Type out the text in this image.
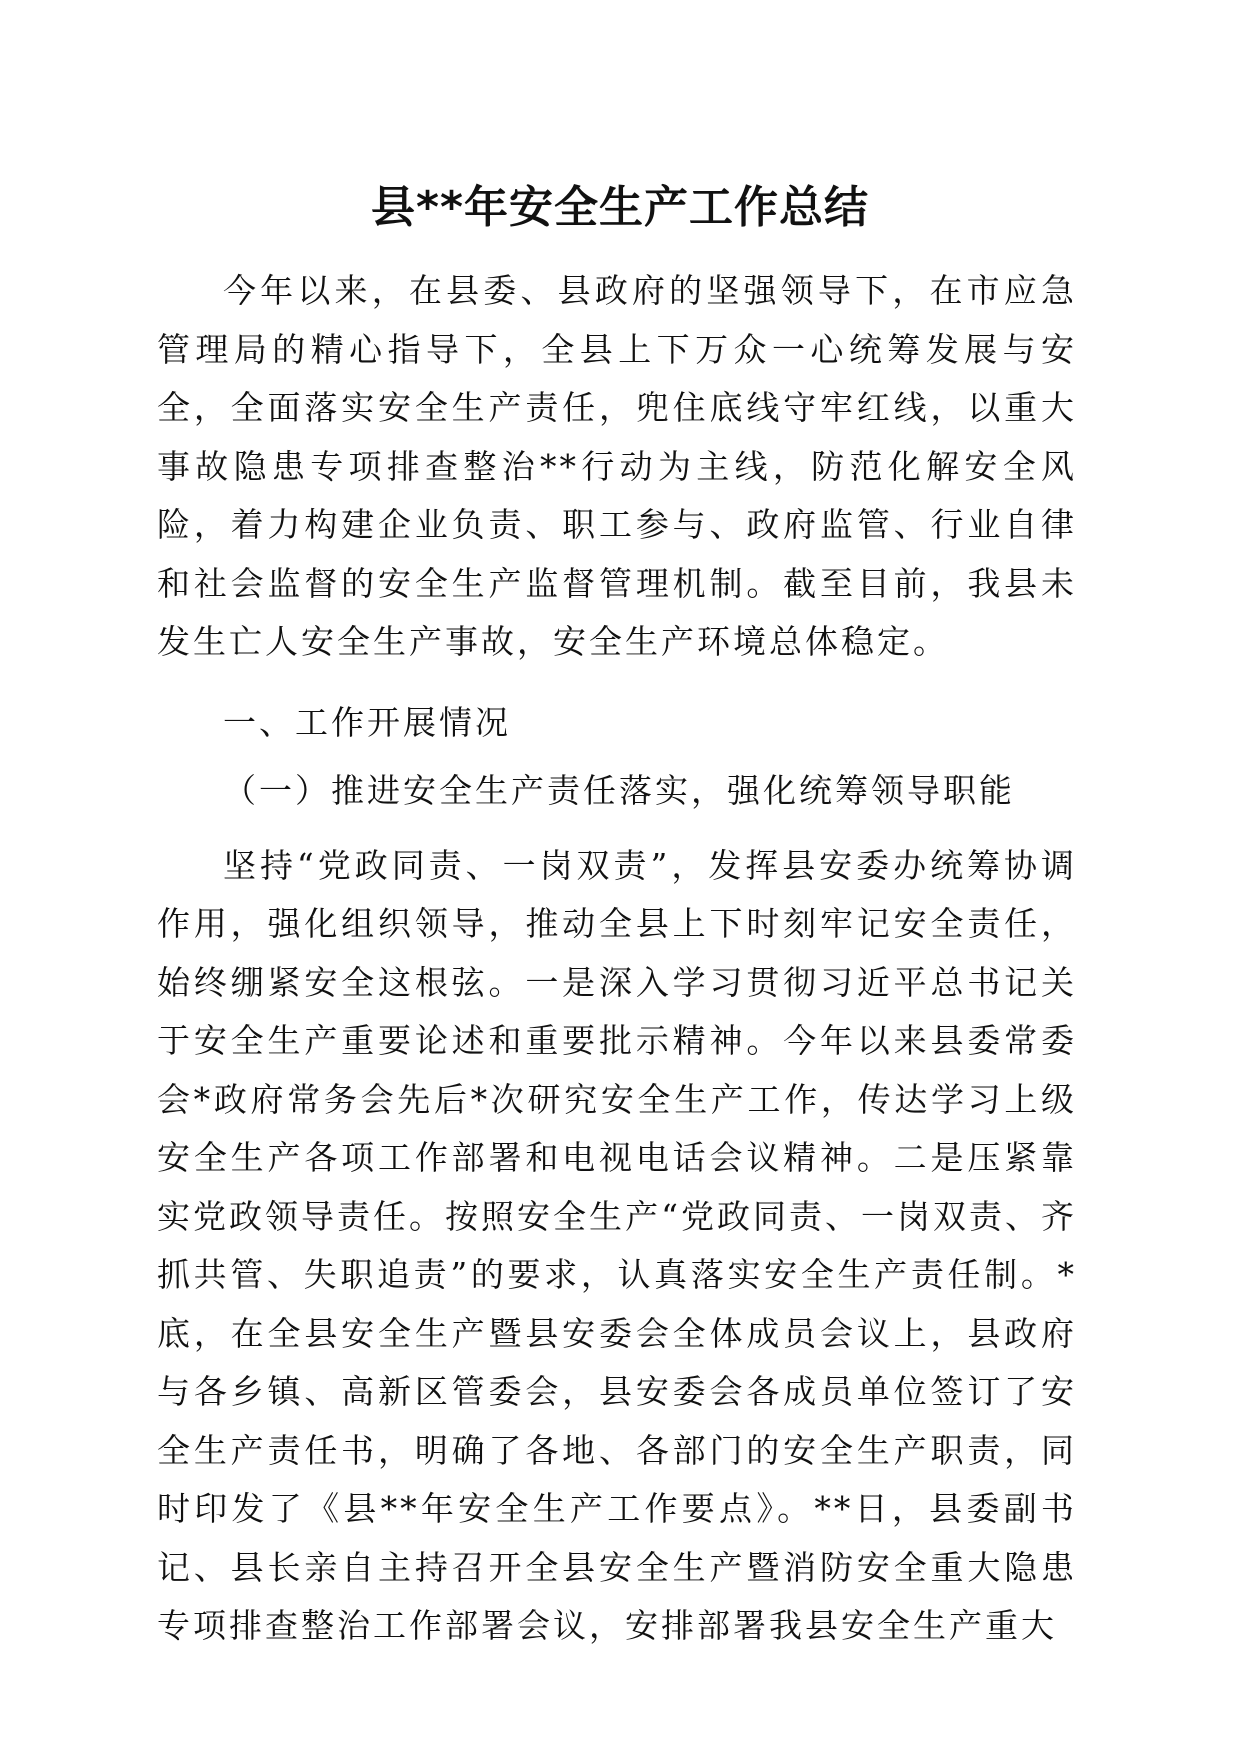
县**年安全生产工作总结

今年以来，在县委、县政府的坚强领导下，在市应急管理局的精心指导下，全县上下万众一心统筹发展与安全，全面落实安全生产责任，兜住底线守牢红线，以重大事故隐患专项排查整治**行动为主线，防范化解安全风险，着力构建企业负责、职工参与、政府监管、行业自律和社会监督的安全生产监督管理机制。截至目前，我县未发生亡人安全生产事故，安全生产环境总体稳定。

一、工作开展情况

（一）推进安全生产责任落实，强化统筹领导职能

坚持“党政同责、一岗双责”，发挥县安委办统筹协调作用，强化组织领导，推动全县上下时刻牢记安全责任，始终绷紧安全这根弦。一是深入学习贯彻习近平总书记关于安全生产重要论述和重要批示精神。今年以来县委常委会*政府常务会先后*次研究安全生产工作，传达学习上级安全生产各项工作部署和电视电话会议精神。二是压紧靠实党政领导责任。按照安全生产“党政同责、一岗双责、齐抓共管、失职追责”的要求，认真落实安全生产责任制。*底，在全县安全生产暨县安委会全体成员会议上，县政府与各乡镇、高新区管委会，县安委会各成员单位签订了安全生产责任书，明确了各地、各部门的安全生产职责，同时印发了《县**年安全生产工作要点》。**日，县委副书记、县长亲自主持召开全县安全生产暨消防安全重大隐患专项排查整治工作部署会议，安排部署我县安全生产重大
